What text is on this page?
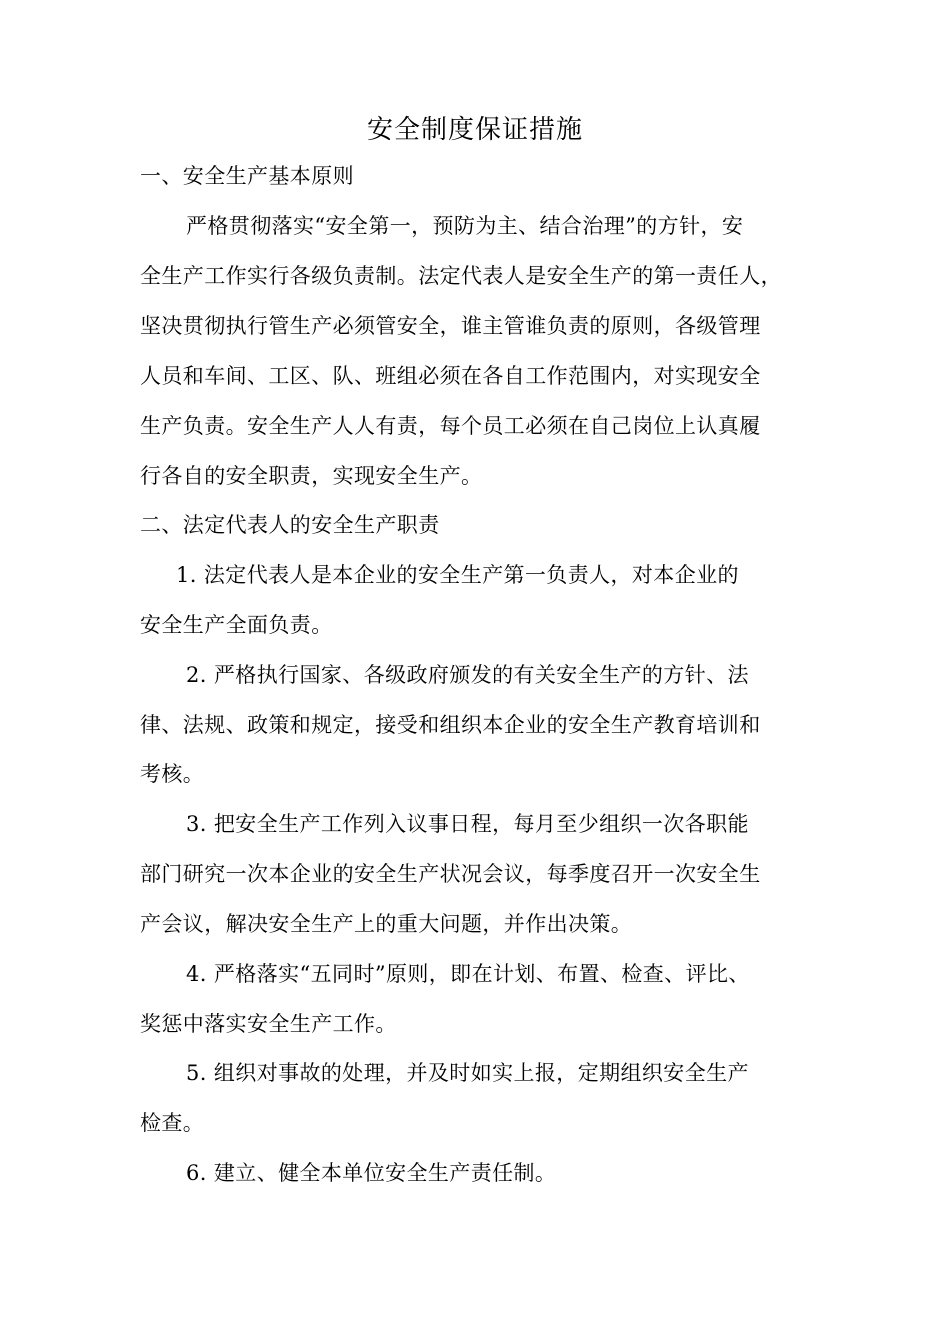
安全制度保证措施
一、安全生产基本原则
严格贯彻落实“安全第一，预防为主、结合治理”的方针，安
全生产工作实行各级负责制。法定代表人是安全生产的第一责任人，
坚决贯彻执行管生产必须管安全，谁主管谁负责的原则，各级管理
人员和车间、工区、队、班组必须在各自工作范围内，对实现安全
生产负责。安全生产人人有责，每个员工必须在自己岗位上认真履
行各自的安全职责，实现安全生产。
二、法定代表人的安全生产职责
1. 法定代表人是本企业的安全生产第一负责人，对本企业的
安全生产全面负责。
2. 严格执行国家、各级政府颁发的有关安全生产的方针、法
律、法规、政策和规定，接受和组织本企业的安全生产教育培训和
考核。
3. 把安全生产工作列入议事日程，每月至少组织一次各职能
部门研究一次本企业的安全生产状况会议，每季度召开一次安全生
产会议，解决安全生产上的重大问题，并作出决策。
4. 严格落实“五同时”原则，即在计划、布置、检查、评比、
奖惩中落实安全生产工作。
5. 组织对事故的处理，并及时如实上报，定期组织安全生产
检查。
6. 建立、健全本单位安全生产责任制。
